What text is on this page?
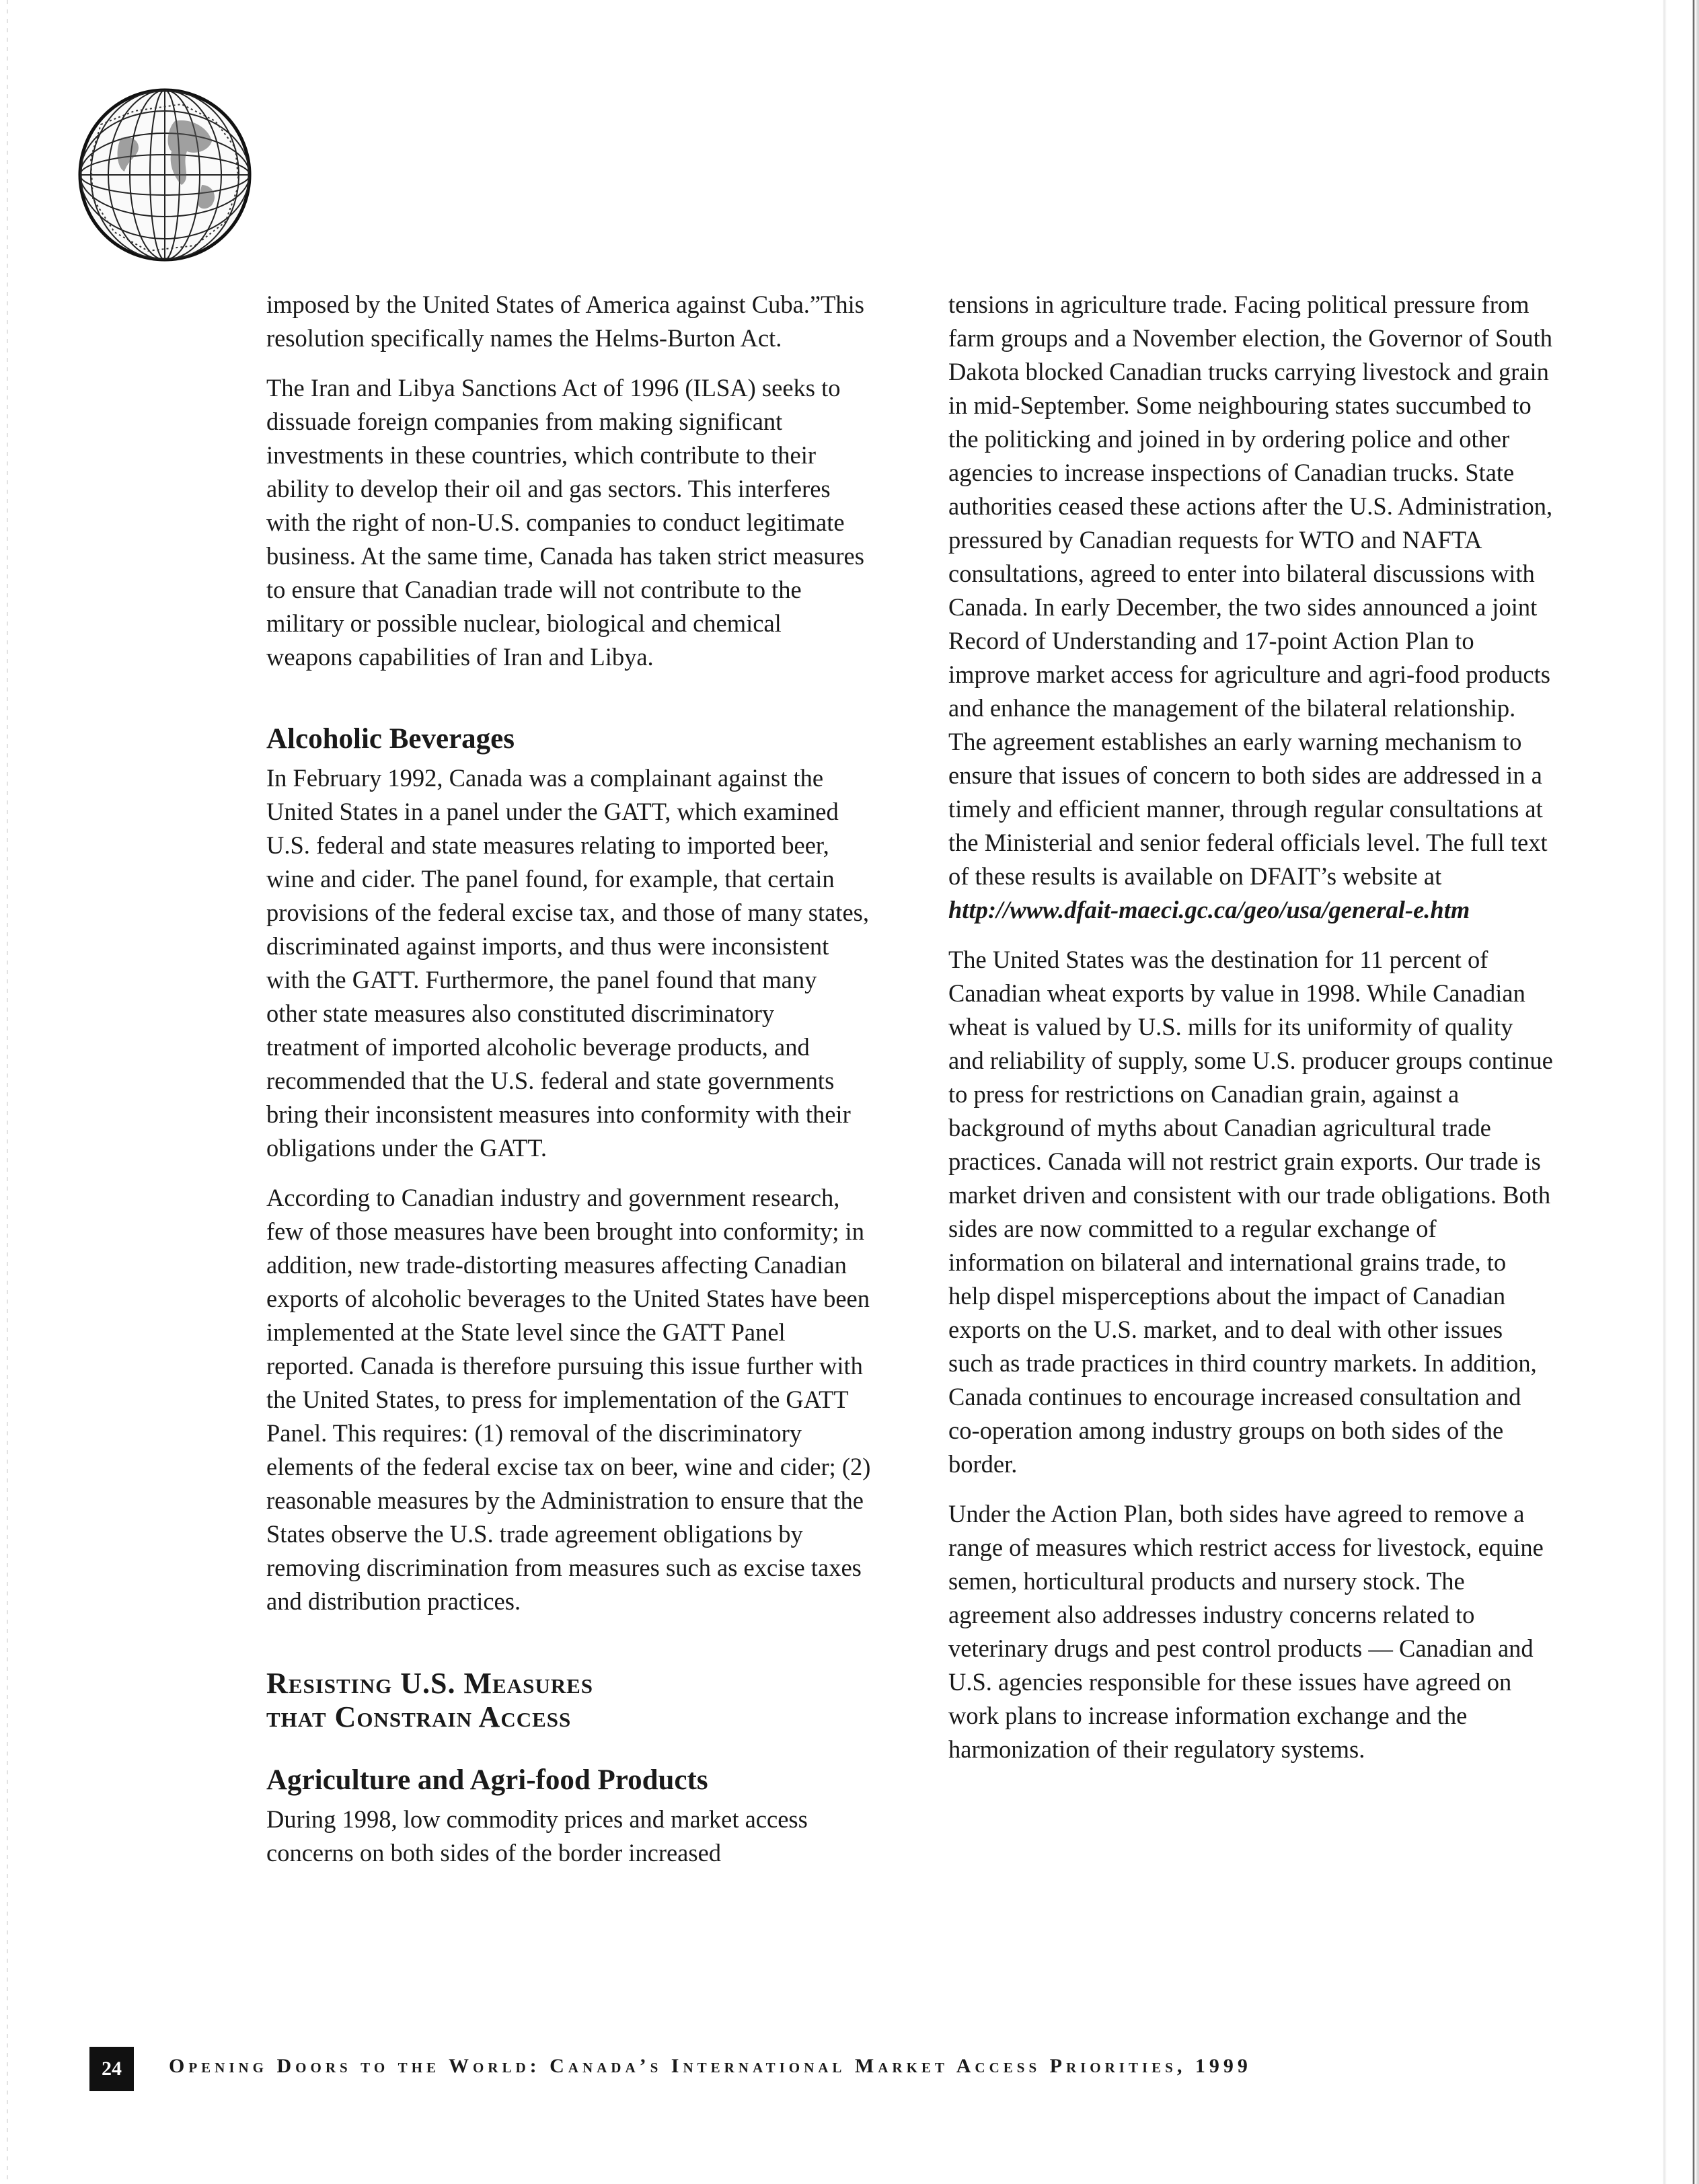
imposed by the United States of America against Cuba.”This resolution specifically names the Helms-Burton Act.

The Iran and Libya Sanctions Act of 1996 (ILSA) seeks to dissuade foreign companies from making significant investments in these countries, which contribute to their ability to develop their oil and gas sectors. This interferes with the right of non-U.S. companies to conduct legitimate business. At the same time, Canada has taken strict measures to ensure that Canadian trade will not contribute to the military or possible nuclear, biological and chemical weapons capabilities of Iran and Libya.

Alcoholic Beverages

In February 1992, Canada was a complainant against the United States in a panel under the GATT, which examined U.S. federal and state measures relating to imported beer, wine and cider. The panel found, for example, that certain provisions of the federal excise tax, and those of many states, discriminated against imports, and thus were inconsistent with the GATT. Furthermore, the panel found that many other state measures also constituted discriminatory treatment of imported alcoholic beverage products, and recommended that the U.S. federal and state governments bring their inconsistent measures into conformity with their obligations under the GATT.

According to Canadian industry and government research, few of those measures have been brought into conformity; in addition, new trade-distorting measures affecting Canadian exports of alcoholic beverages to the United States have been implemented at the State level since the GATT Panel reported. Canada is therefore pursuing this issue further with the United States, to press for implementation of the GATT Panel. This requires: (1) removal of the discriminatory elements of the federal excise tax on beer, wine and cider; (2) reasonable measures by the Administration to ensure that the States observe the U.S. trade agreement obligations by removing discrimination from measures such as excise taxes and distribution practices.

Resisting U.S. Measures
that Constrain Access
Agriculture and Agri-food Products

During 1998, low commodity prices and market access concerns on both sides of the border increased

tensions in agriculture trade. Facing political pressure from farm groups and a November election, the Governor of South Dakota blocked Canadian trucks carrying livestock and grain in mid-September. Some neighbouring states succumbed to the politicking and joined in by ordering police and other agencies to increase inspections of Canadian trucks. State authorities ceased these actions after the U.S. Administration, pressured by Canadian requests for WTO and NAFTA consultations, agreed to enter into bilateral discussions with Canada. In early December, the two sides announced a joint Record of Understanding and 17-point Action Plan to improve market access for agriculture and agri-food products and enhance the management of the bilateral relationship. The agreement establishes an early warning mechanism to ensure that issues of concern to both sides are addressed in a timely and efficient manner, through regular consultations at the Ministerial and senior federal officials level. The full text of these results is available on DFAIT’s website at http://www.dfait-maeci.gc.ca/geo/usa/general-e.htm

The United States was the destination for 11 percent of Canadian wheat exports by value in 1998. While Canadian wheat is valued by U.S. mills for its uniformity of quality and reliability of supply, some U.S. producer groups continue to press for restrictions on Canadian grain, against a background of myths about Canadian agricultural trade practices. Canada will not restrict grain exports. Our trade is market driven and consistent with our trade obligations. Both sides are now committed to a regular exchange of information on bilateral and international grains trade, to help dispel misperceptions about the impact of Canadian exports on the U.S. market, and to deal with other issues such as trade practices in third country markets. In addition, Canada continues to encourage increased consultation and co-operation among industry groups on both sides of the border.

Under the Action Plan, both sides have agreed to remove a range of measures which restrict access for livestock, equine semen, horticultural products and nursery stock. The agreement also addresses industry concerns related to veterinary drugs and pest control products — Canadian and U.S. agencies responsible for these issues have agreed on work plans to increase information exchange and the harmonization of their regulatory systems.

24	Opening Doors to the World: Canada’s International Market Access Priorities, 1999
